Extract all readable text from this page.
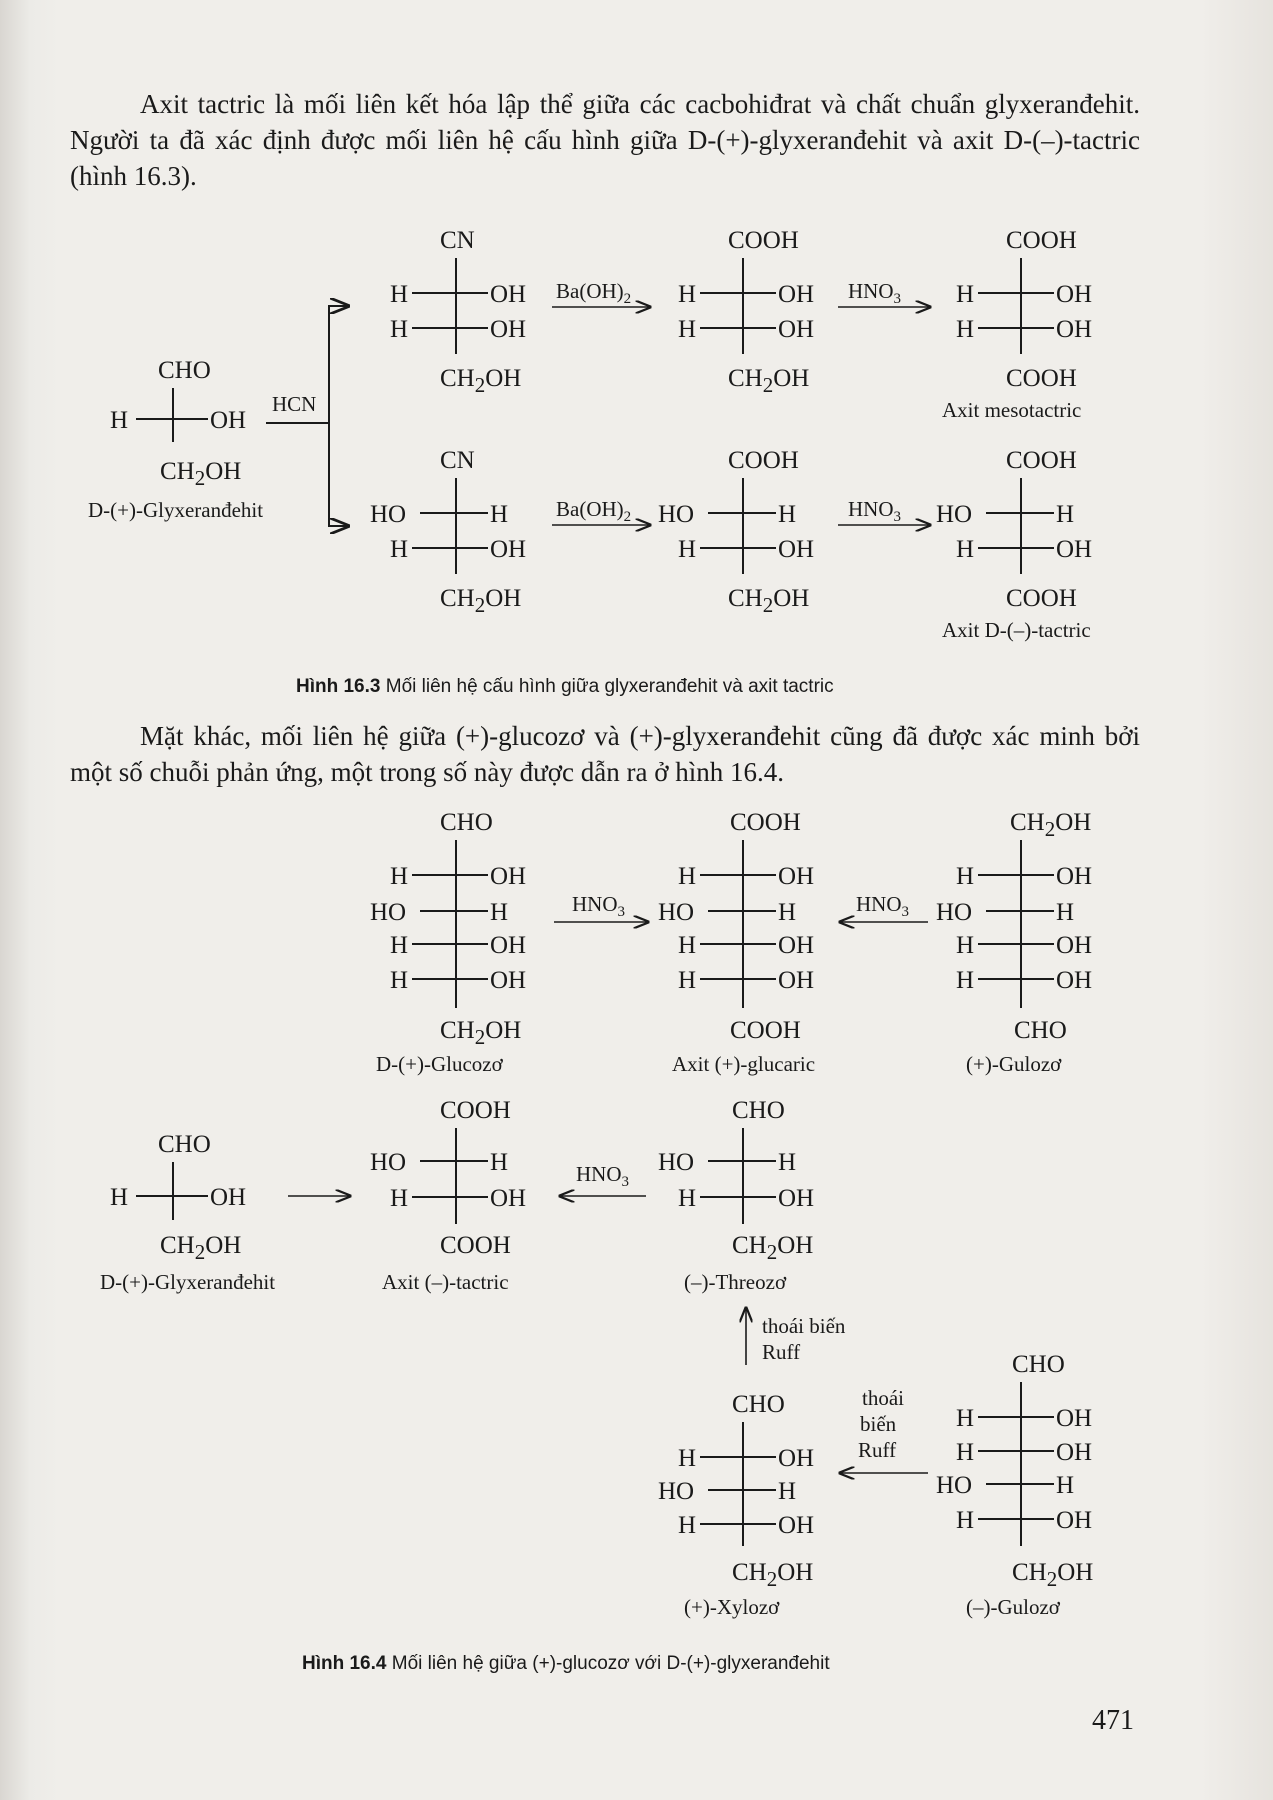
Axit tactric là mối liên kết hóa lập thể giữa các cacbohiđrat và chất chuẩn glyxeranđehit. Người ta đã xác định được mối liên hệ cấu hình giữa D-(+)-glyxeranđehit và axit D-(–)-tactric (hình 16.3).

CHO
H	OH
$CH_2OH$
D-(+)-Glyxeranđehit
HCN
CN
H	OH
H	OH
$CH_2OH$
$Ba(OH)_2$
COOH
H	OH
H	OH
$CH_2OH$
$HNO_3$
COOH
H	OH
H	OH
COOH
Axit mesotactric
CN
HO	H
H	OH
$CH_2OH$
$Ba(OH)_2$
COOH
HO	H
H	OH
$CH_2OH$
$HNO_3$
COOH
HO	H
H	OH
COOH
Axit D-(–)-tactric
Hình 16.3 Mối liên hệ cấu hình giữa glyxeranđehit và axit tactric

Mặt khác, mối liên hệ giữa (+)-glucozơ và (+)-glyxeranđehit cũng đã được xác minh bởi một số chuỗi phản ứng, một trong số này được dẫn ra ở hình 16.4.

CHO
H	OH
HO	H
H	OH
H	OH
$CH_2OH$
D-(+)-Glucozơ
$HNO_3$
COOH
H	OH
HO	H
H	OH
H	OH
COOH
Axit (+)-glucaric
$HNO_3$
$CH_2OH$
H	OH
HO	H
H	OH
H	OH
CHO
(+)-Gulozơ
CHO
H	OH
$CH_2OH$
D-(+)-Glyxeranđehit
COOH
HO	H
H	OH
COOH
Axit (–)-tactric
$HNO_3$
CHO
HO	H
H	OH
$CH_2OH$
(–)-Threozơ
thoái biến
Ruff
CHO
H	OH
HO	H
H	OH
$CH_2OH$
(+)-Xylozơ
thoái
biến
Ruff
CHO
H	OH
H	OH
HO	H
H	OH
$CH_2OH$
(–)-Gulozơ
Hình 16.4 Mối liên hệ giữa (+)-glucozơ với D-(+)-glyxeranđehit
471
